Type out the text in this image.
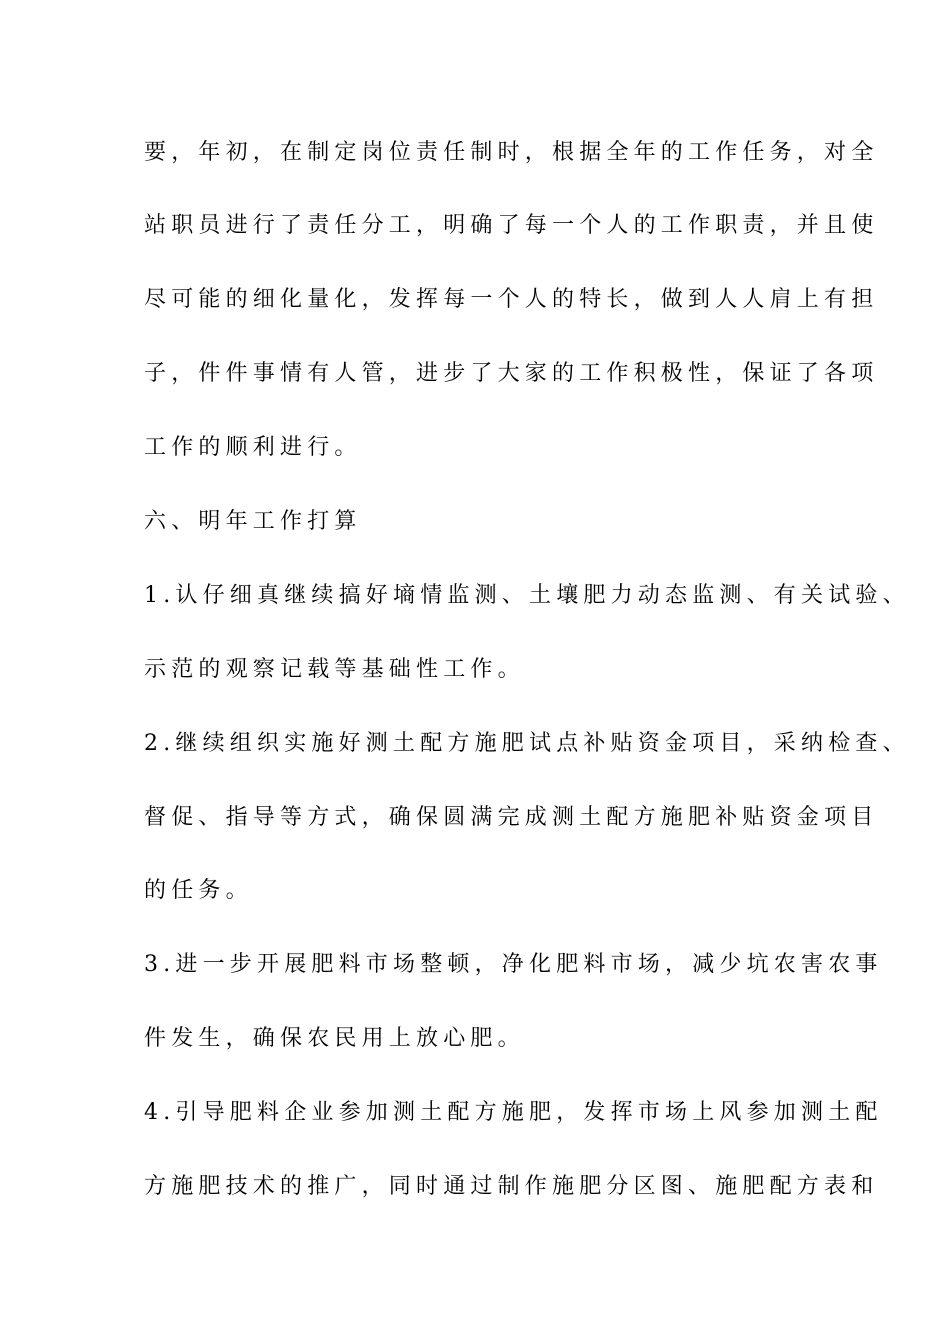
要，年初，在制定岗位责任制时，根据全年的工作任务，对全
站职员进行了责任分工，明确了每一个人的工作职责，并且使
尽可能的细化量化，发挥每一个人的特长，做到人人肩上有担
子，件件事情有人管，进步了大家的工作积极性，保证了各项
工作的顺利进行。
六、明年工作打算
1.认仔细真继续搞好墒情监测、土壤肥力动态监测、有关试验、
示范的观察记载等基础性工作。
2.继续组织实施好测土配方施肥试点补贴资金项目，采纳检查、
督促、指导等方式，确保圆满完成测土配方施肥补贴资金项目
的任务。
3.进一步开展肥料市场整顿，净化肥料市场，减少坑农害农事
件发生，确保农民用上放心肥。
4.引导肥料企业参加测土配方施肥，发挥市场上风参加测土配
方施肥技术的推广，同时通过制作施肥分区图、施肥配方表和
